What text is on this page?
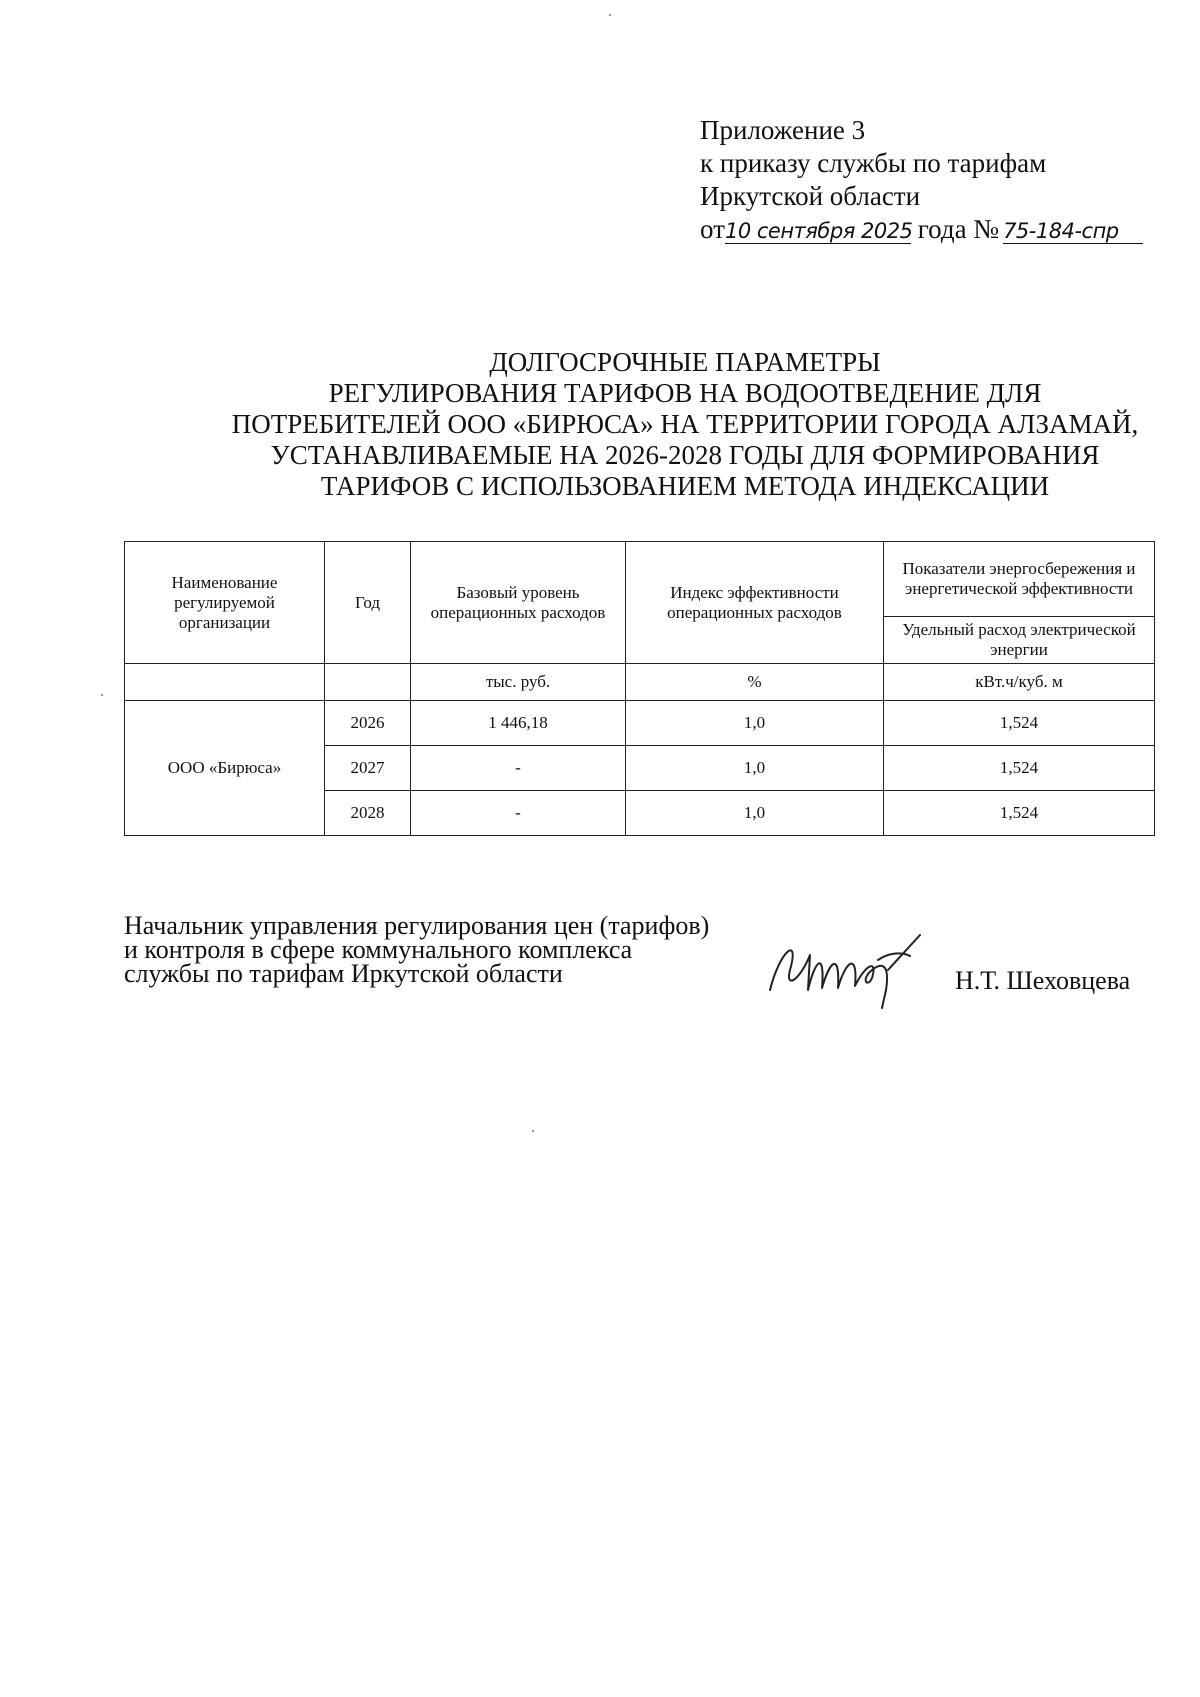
Приложение 3
к приказу службы по тарифам
Иркутской области
от10 сентября 2025 года № 75-184-спр
ДОЛГОСРОЧНЫЕ ПАРАМЕТРЫ
РЕГУЛИРОВАНИЯ ТАРИФОВ НА ВОДООТВЕДЕНИЕ ДЛЯ
ПОТРЕБИТЕЛЕЙ ООО «БИРЮСА» НА ТЕРРИТОРИИ ГОРОДА АЛЗАМАЙ,
УСТАНАВЛИВАЕМЫЕ НА 2026-2028 ГОДЫ ДЛЯ ФОРМИРОВАНИЯ
ТАРИФОВ С ИСПОЛЬЗОВАНИЕМ МЕТОДА ИНДЕКСАЦИИ
Наименование регулируемой организации	Год	Базовый уровень операционных расходов	Индекс эффективности операционных расходов	Показатели энергосбережения и энергетической эффективности
				Удельный расход электрической энергии
		тыс. руб.	%	кВт.ч/куб. м
ООО «Бирюса»	2026	1 446,18	1,0	1,524
	2027	-	1,0	1,524
	2028	-	1,0	1,524
Начальник управления регулирования цен (тарифов)
и контроля в сфере коммунального комплекса
службы по тарифам Иркутской области	Н.Т. Шеховцева
